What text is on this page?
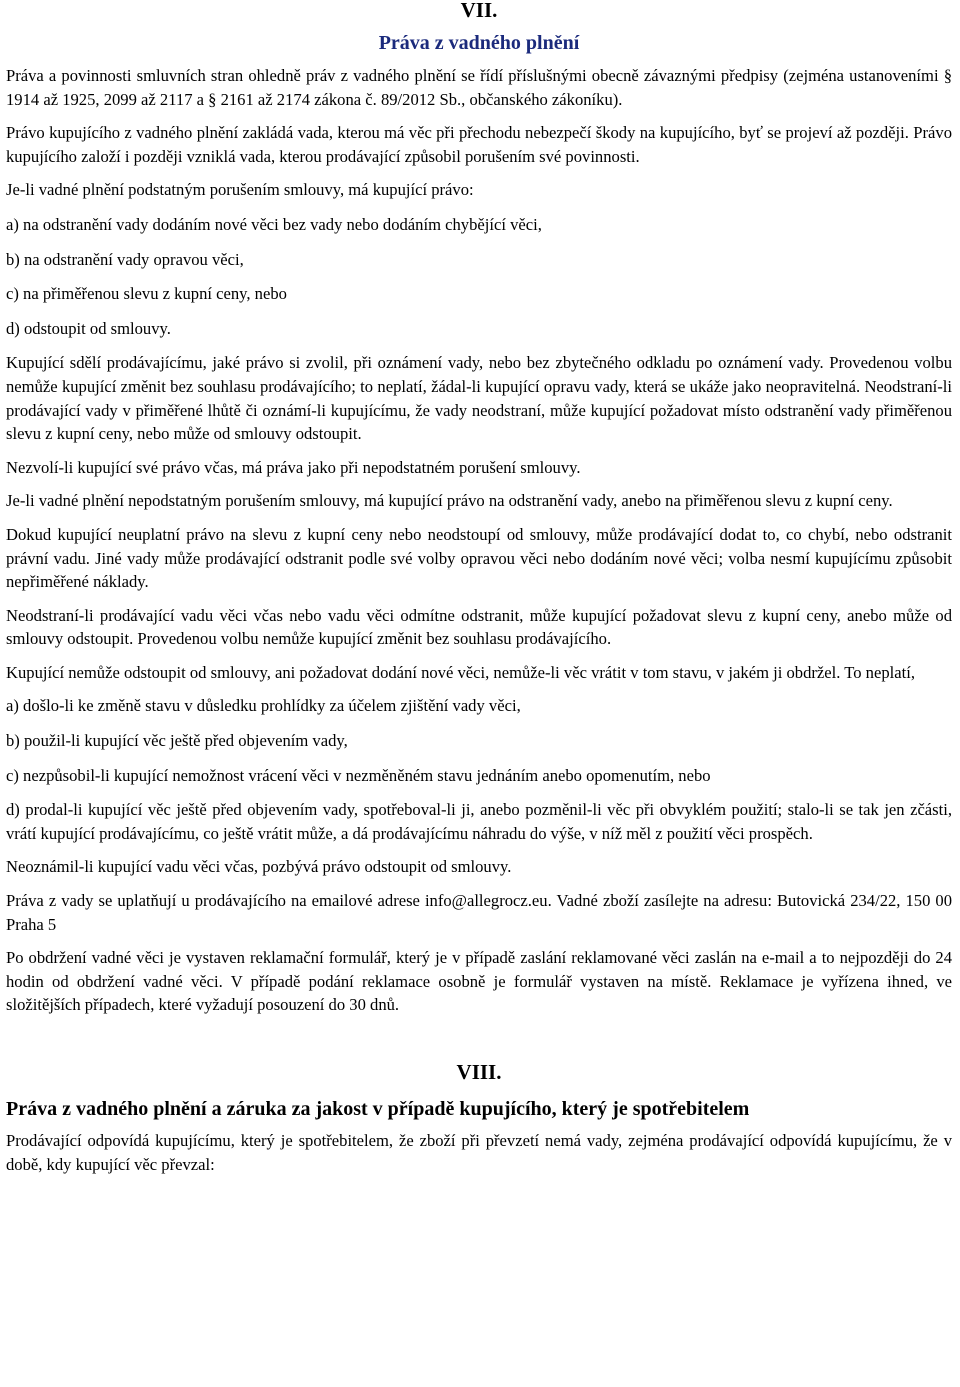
VII.
Práva z vadného plnění

Práva a povinnosti smluvních stran ohledně práv z vadného plnění se řídí příslušnými obecně závaznými předpisy (zejména ustanoveními § 1914 až 1925, 2099 až 2117 a § 2161 až 2174 zákona č. 89/2012 Sb., občanského zákoníku).

Právo kupujícího z vadného plnění zakládá vada, kterou má věc při přechodu nebezpečí škody na kupujícího, byť se projeví až později. Právo kupujícího založí i později vzniklá vada, kterou prodávající způsobil porušením své povinnosti.

Je-li vadné plnění podstatným porušením smlouvy, má kupující právo:

a) na odstranění vady dodáním nové věci bez vady nebo dodáním chybějící věci,

b) na odstranění vady opravou věci,

c) na přiměřenou slevu z kupní ceny, nebo

d) odstoupit od smlouvy.

Kupující sdělí prodávajícímu, jaké právo si zvolil, při oznámení vady, nebo bez zbytečného odkladu po oznámení vady. Provedenou volbu nemůže kupující změnit bez souhlasu prodávajícího; to neplatí, žádal-li kupující opravu vady, která se ukáže jako neopravitelná. Neodstraní-li prodávající vady v přiměřené lhůtě či oznámí-li kupujícímu, že vady neodstraní, může kupující požadovat místo odstranění vady přiměřenou slevu z kupní ceny, nebo může od smlouvy odstoupit.

Nezvolí-li kupující své právo včas, má práva jako při nepodstatném porušení smlouvy.

Je-li vadné plnění nepodstatným porušením smlouvy, má kupující právo na odstranění vady, anebo na přiměřenou slevu z kupní ceny.

Dokud kupující neuplatní právo na slevu z kupní ceny nebo neodstoupí od smlouvy, může prodávající dodat to, co chybí, nebo odstranit právní vadu. Jiné vady může prodávající odstranit podle své volby opravou věci nebo dodáním nové věci; volba nesmí kupujícímu způsobit nepřiměřené náklady.

Neodstraní-li prodávající vadu věci včas nebo vadu věci odmítne odstranit, může kupující požadovat slevu z kupní ceny, anebo může od smlouvy odstoupit. Provedenou volbu nemůže kupující změnit bez souhlasu prodávajícího.

Kupující nemůže odstoupit od smlouvy, ani požadovat dodání nové věci, nemůže-li věc vrátit v tom stavu, v jakém ji obdržel. To neplatí,

a) došlo-li ke změně stavu v důsledku prohlídky za účelem zjištění vady věci,

b) použil-li kupující věc ještě před objevením vady,

c) nezpůsobil-li kupující nemožnost vrácení věci v nezměněném stavu jednáním anebo opomenutím, nebo

d) prodal-li kupující věc ještě před objevením vady, spotřeboval-li ji, anebo pozměnil-li věc při obvyklém použití; stalo-li se tak jen zčásti, vrátí kupující prodávajícímu, co ještě vrátit může, a dá prodávajícímu náhradu do výše, v níž měl z použití věci prospěch.

Neoznámil-li kupující vadu věci včas, pozbývá právo odstoupit od smlouvy.

Práva z vady se uplatňují u prodávajícího na emailové adrese info@allegrocz.eu. Vadné zboží zasílejte na adresu: Butovická 234/22, 150 00 Praha 5

Po obdržení vadné věci je vystaven reklamační formulář, který je v případě zaslání reklamované věci zaslán na e-mail a to nejpozději do 24 hodin od obdržení vadné věci. V případě podání reklamace osobně je formulář vystaven na místě. Reklamace je vyřízena ihned, ve složitějších případech, které vyžadují posouzení do 30 dnů.

VIII.
Práva z vadného plnění a záruka za jakost v případě kupujícího, který je spotřebitelem

Prodávající odpovídá kupujícímu, který je spotřebitelem, že zboží při převzetí nemá vady, zejména prodávající odpovídá kupujícímu, že v době, kdy kupující věc převzal:
